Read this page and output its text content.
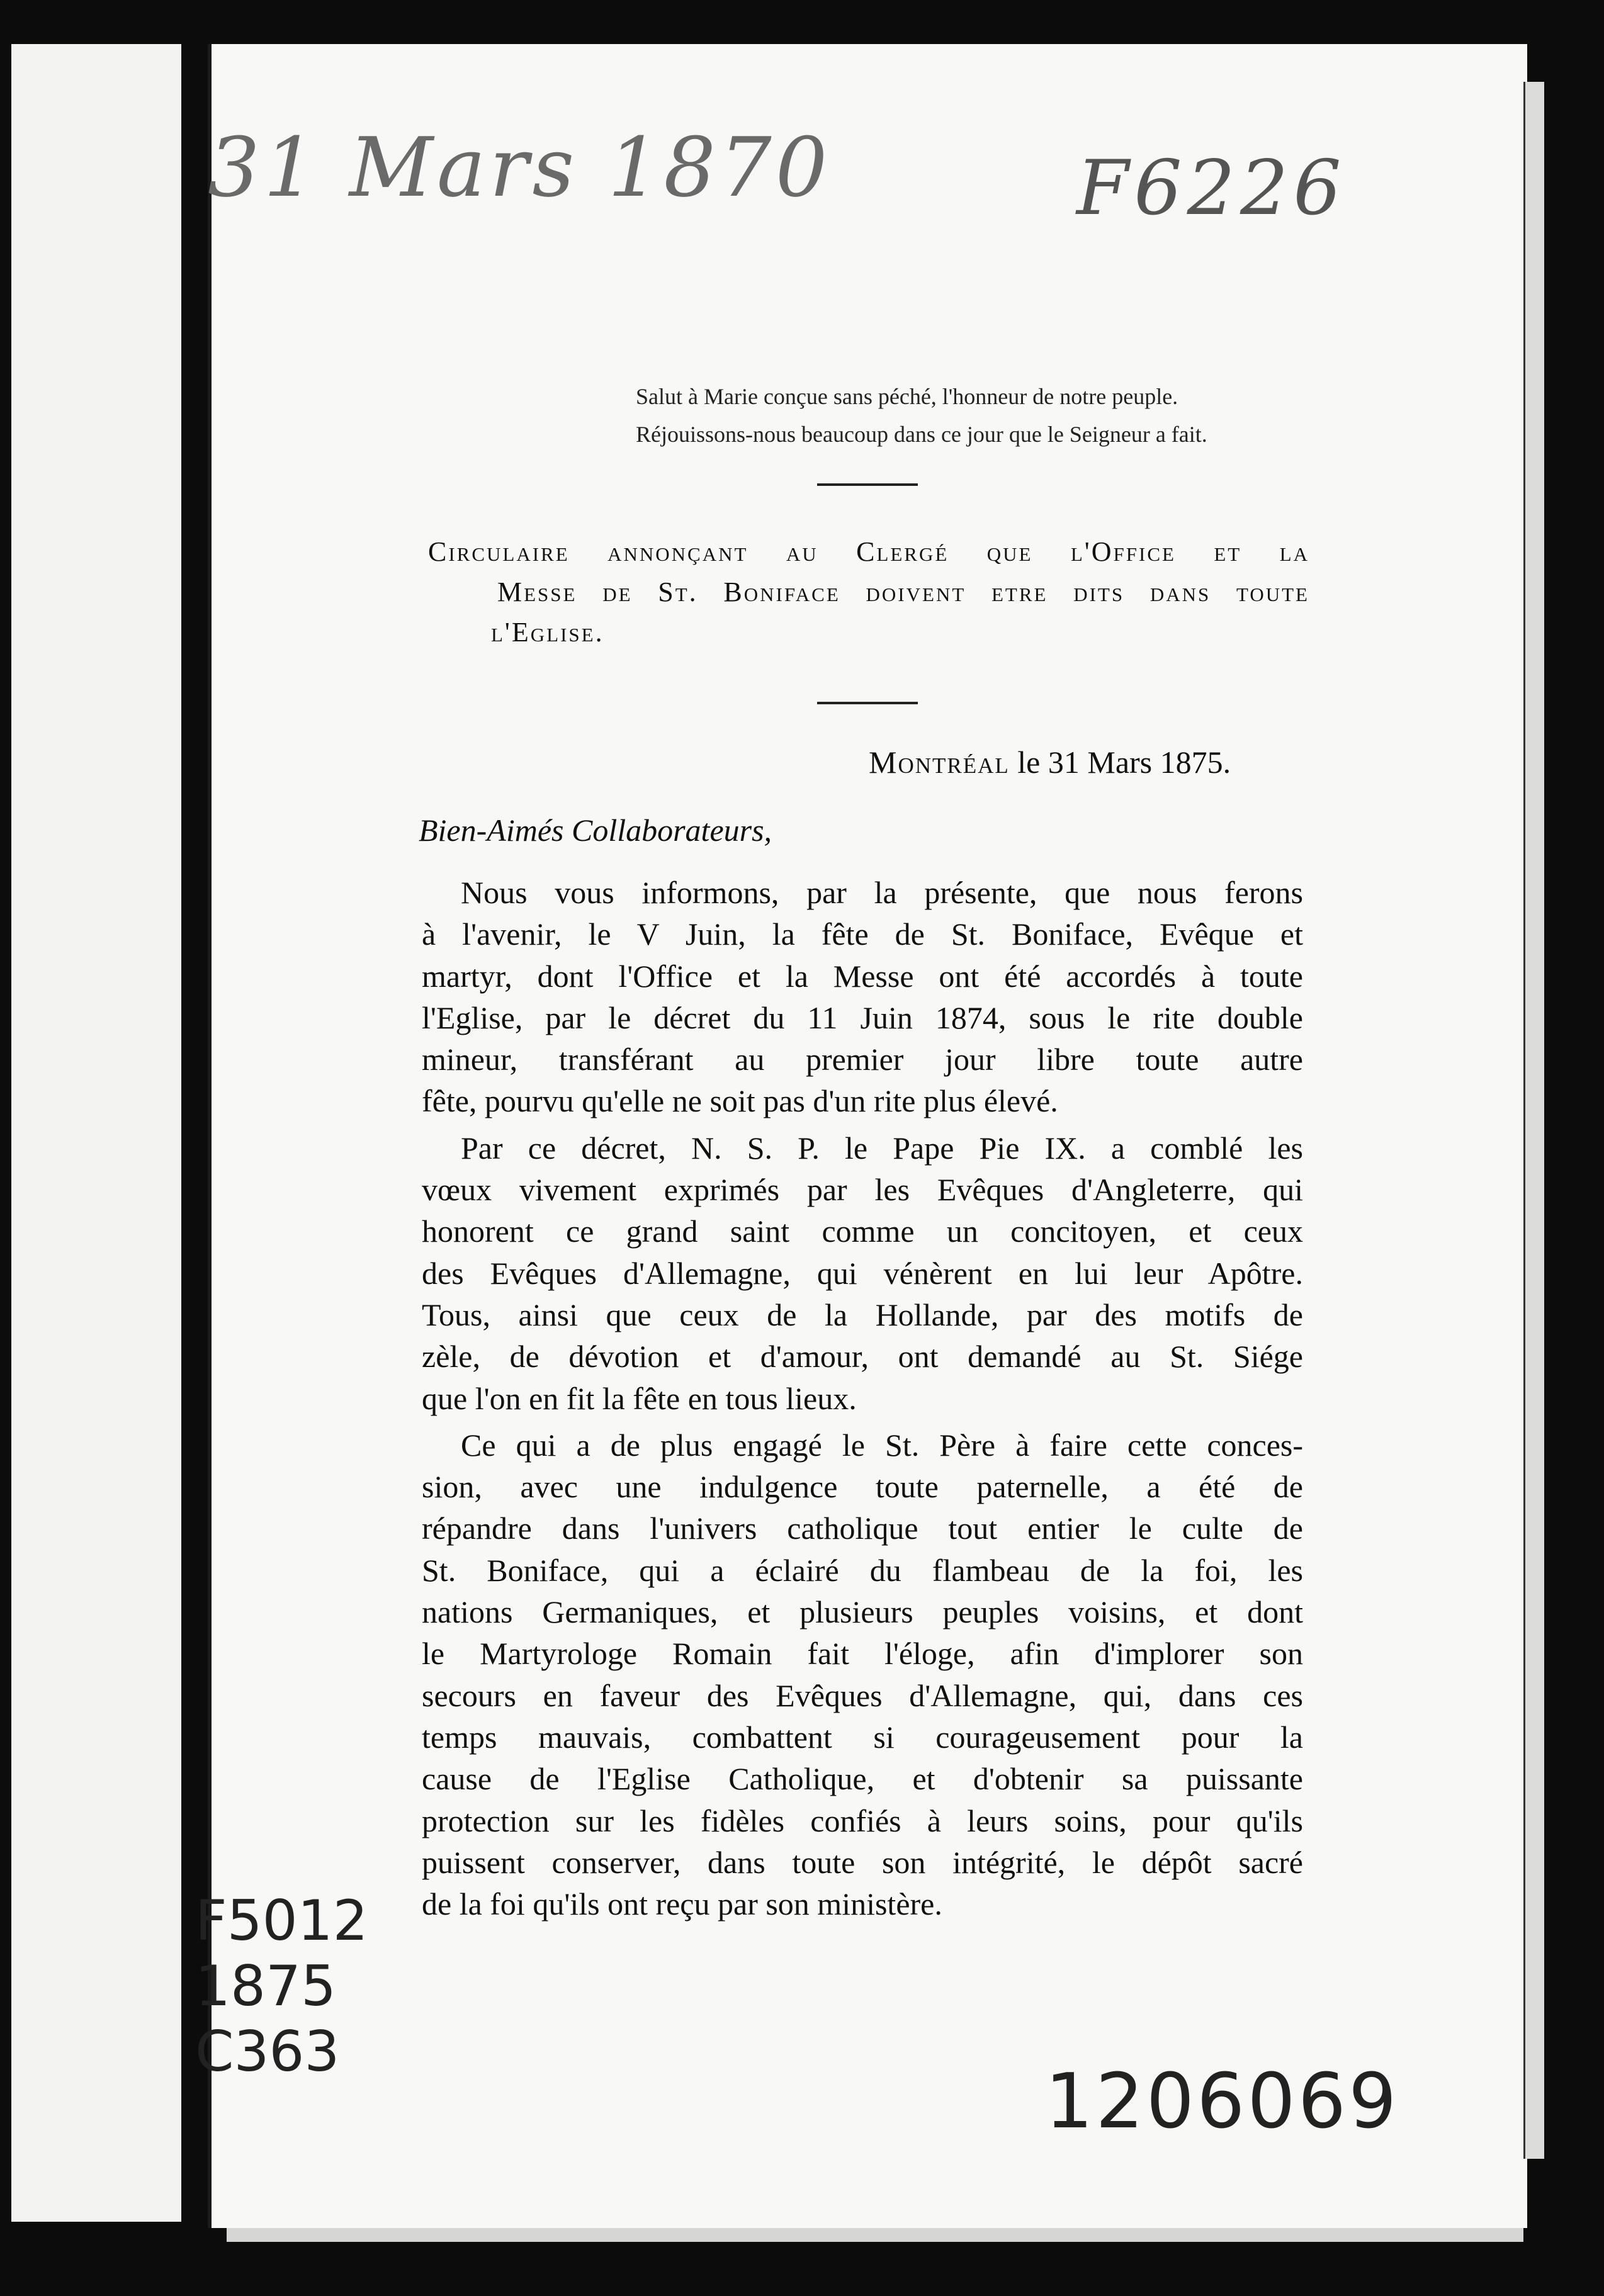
31 Mars 1870	F6226
Salut à Marie conçue sans péché, l'honneur de notre peuple.
Réjouissons-nous beaucoup dans ce jour que le Seigneur a fait.
Circulaire annonçant au Clergé que l'Office et la
Messe de St. Boniface doivent etre dits dans toute
l'Eglise.
Montréal le 31 Mars 1875.
Bien-Aimés Collaborateurs,
Nous vous informons, par la présente, que nous ferons
à l'avenir, le V Juin, la fête de St. Boniface, Evêque et
martyr, dont l'Office et la Messe ont été accordés à toute
l'Eglise, par le décret du 11 Juin 1874, sous le rite double
mineur, transférant au premier jour libre toute autre
fête, pourvu qu'elle ne soit pas d'un rite plus élevé.
Par ce décret, N. S. P. le Pape Pie IX. a comblé les
vœux vivement exprimés par les Evêques d'Angleterre, qui
honorent ce grand saint comme un concitoyen, et ceux
des Evêques d'Allemagne, qui vénèrent en lui leur Apôtre.
Tous, ainsi que ceux de la Hollande, par des motifs de
zèle, de dévotion et d'amour, ont demandé au St. Siége
que l'on en fit la fête en tous lieux.
Ce qui a de plus engagé le St. Père à faire cette conces-
sion, avec une indulgence toute paternelle, a été de
répandre dans l'univers catholique tout entier le culte de
St. Boniface, qui a éclairé du flambeau de la foi, les
nations Germaniques, et plusieurs peuples voisins, et dont
le Martyrologe Romain fait l'éloge, afin d'implorer son
secours en faveur des Evêques d'Allemagne, qui, dans ces
temps mauvais, combattent si courageusement pour la
cause de l'Eglise Catholique, et d'obtenir sa puissante
protection sur les fidèles confiés à leurs soins, pour qu'ils
puissent conserver, dans toute son intégrité, le dépôt sacré
de la foi qu'ils ont reçu par son ministère.
F5012
1875
C363
1206069
